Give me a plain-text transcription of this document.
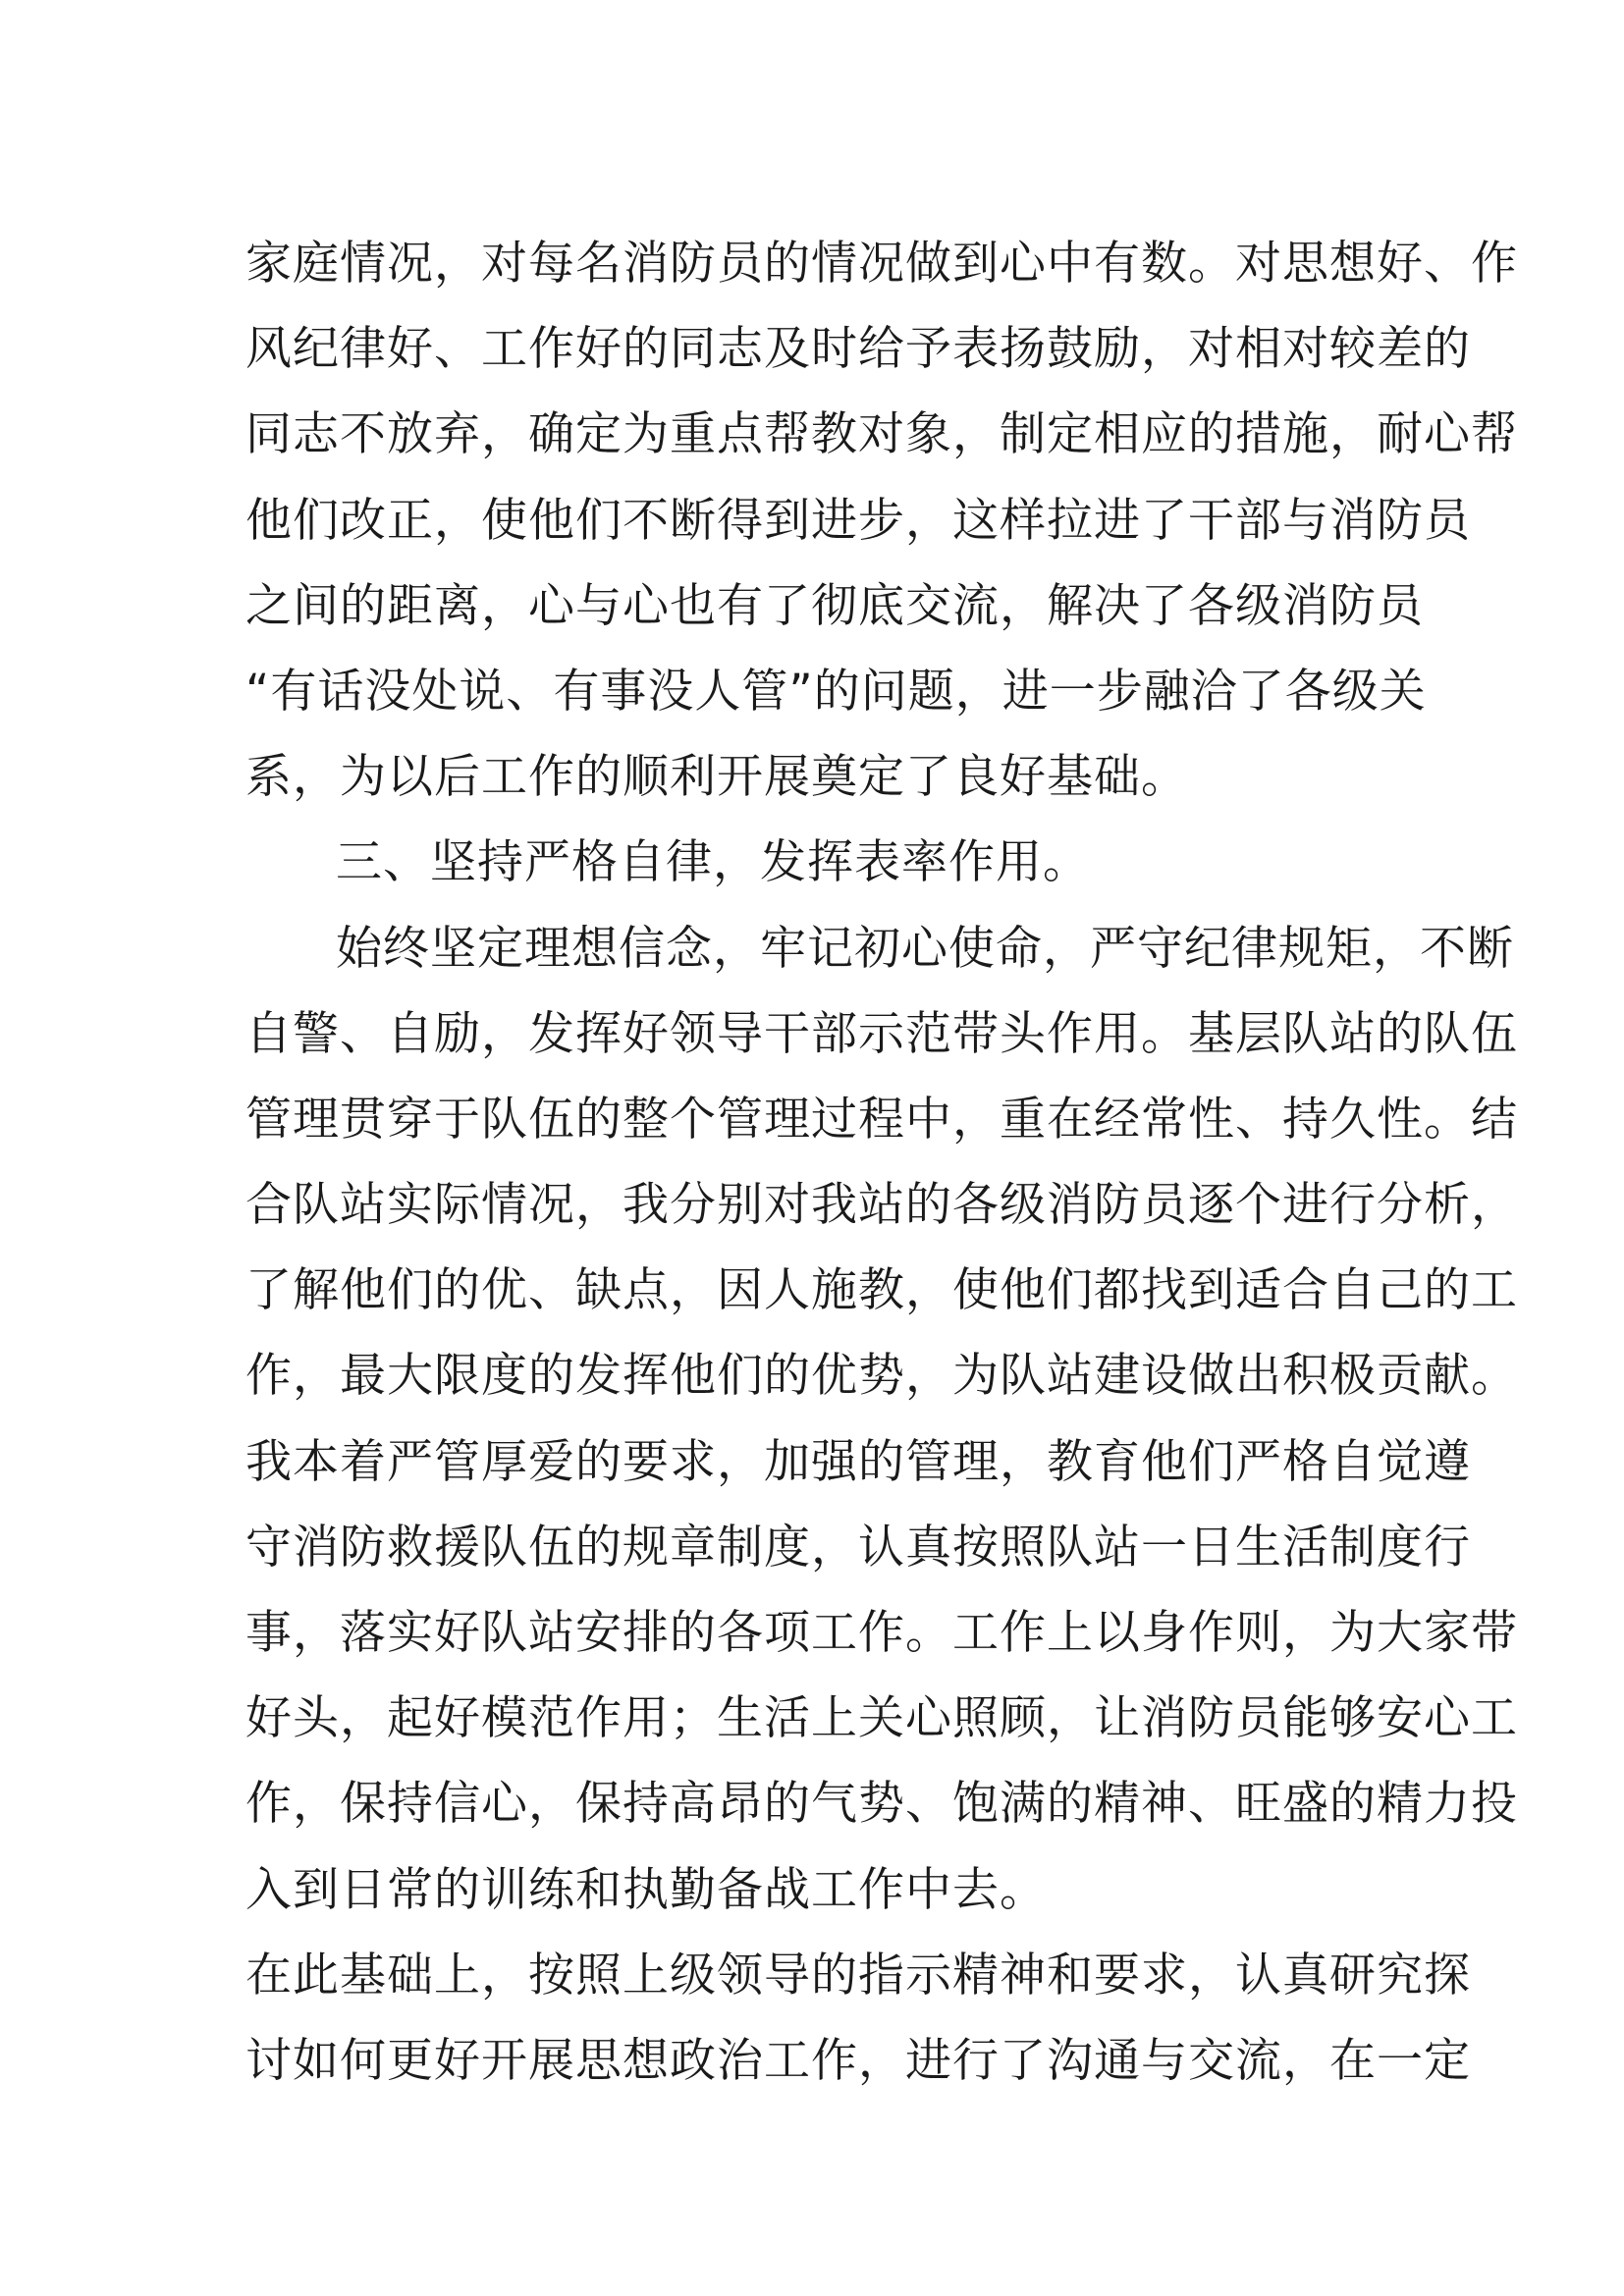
家庭情况，对每名消防员的情况做到心中有数。对思想好、作
风纪律好、工作好的同志及时给予表扬鼓励，对相对较差的
同志不放弃，确定为重点帮教对象，制定相应的措施，耐心帮
他们改正，使他们不断得到进步，这样拉进了干部与消防员
之间的距离，心与心也有了彻底交流，解决了各级消防员
“有话没处说、有事没人管”的问题，进一步融洽了各级关
系，为以后工作的顺利开展奠定了良好基础。
三、坚持严格自律，发挥表率作用。
始终坚定理想信念，牢记初心使命，严守纪律规矩，不断
自警、自励，发挥好领导干部示范带头作用。基层队站的队伍
管理贯穿于队伍的整个管理过程中，重在经常性、持久性。结
合队站实际情况，我分别对我站的各级消防员逐个进行分析，
了解他们的优、缺点，因人施教，使他们都找到适合自己的工
作，最大限度的发挥他们的优势，为队站建设做出积极贡献。
我本着严管厚爱的要求，加强的管理，教育他们严格自觉遵
守消防救援队伍的规章制度，认真按照队站一日生活制度行
事，落实好队站安排的各项工作。工作上以身作则，为大家带
好头，起好模范作用；生活上关心照顾，让消防员能够安心工
作，保持信心，保持高昂的气势、饱满的精神、旺盛的精力投
入到日常的训练和执勤备战工作中去。
在此基础上，按照上级领导的指示精神和要求，认真研究探
讨如何更好开展思想政治工作，进行了沟通与交流，在一定
